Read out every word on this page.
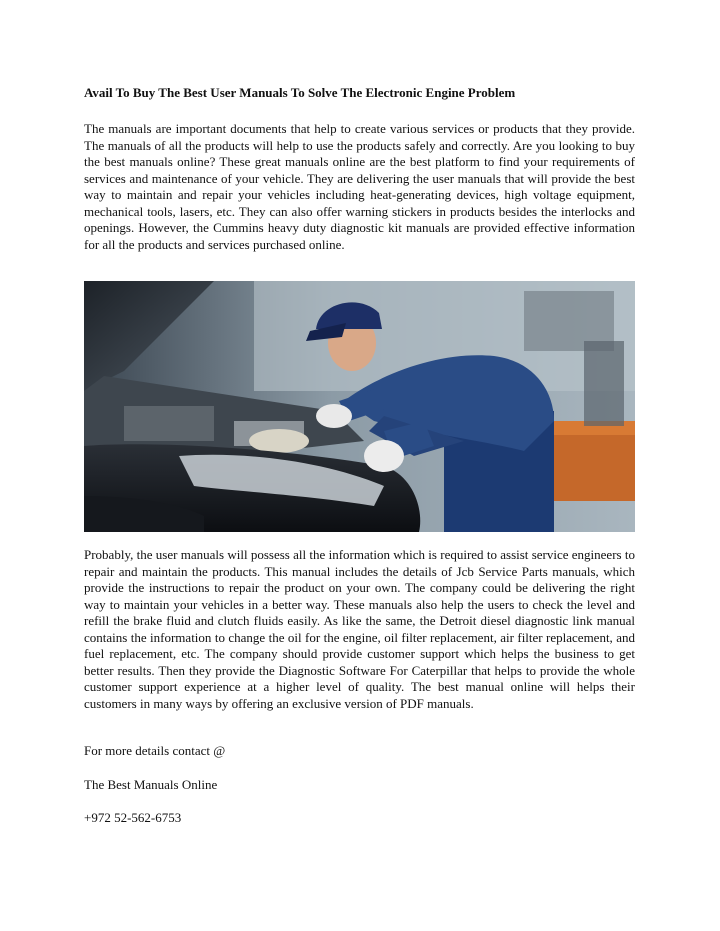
Avail To Buy The Best User Manuals To Solve The Electronic Engine Problem

The manuals are important documents that help to create various services or products that they provide. The manuals of all the products will help to use the products safely and correctly. Are you looking to buy the best manuals online? These great manuals online are the best platform to find your requirements of services and maintenance of your vehicle. They are delivering the user manuals that will provide the best way to maintain and repair your vehicles including heat-generating devices, high voltage equipment, mechanical tools, lasers, etc. They can also offer warning stickers in products besides the interlocks and openings. However, the Cummins heavy duty diagnostic kit manuals are provided effective information for all the products and services purchased online.

Probably, the user manuals will possess all the information which is required to assist service engineers to repair and maintain the products. This manual includes the details of Jcb Service Parts manuals, which provide the instructions to repair the product on your own. The company could be delivering the right way to maintain your vehicles in a better way. These manuals also help the users to check the level and refill the brake fluid and clutch fluids easily. As like the same, the Detroit diesel diagnostic link manual contains the information to change the oil for the engine, oil filter replacement, air filter replacement, and fuel replacement, etc. The company should provide customer support which helps the business to get better results. Then they provide the Diagnostic Software For Caterpillar that helps to provide the whole customer support experience at a higher level of quality. The best manual online will helps their customers in many ways by offering an exclusive version of PDF manuals.

For more details contact @

The Best Manuals Online

+972 52-562-6753
